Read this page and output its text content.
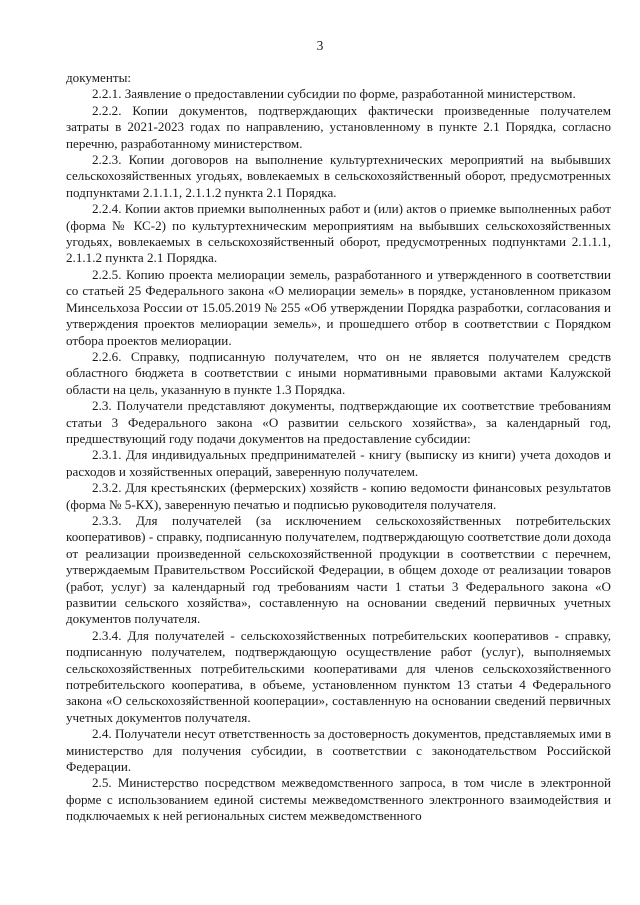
3

документы:

2.2.1. Заявление о предоставлении субсидии по форме, разработанной министерством.

2.2.2. Копии документов, подтверждающих фактически произведенные получателем затраты в 2021-2023 годах по направлению, установленному в пункте 2.1 Порядка, согласно перечню, разработанному министерством.

2.2.3. Копии договоров на выполнение культуртехнических мероприятий на выбывших сельскохозяйственных угодьях, вовлекаемых в сельскохозяйственный оборот, предусмотренных подпунктами 2.1.1.1, 2.1.1.2 пункта 2.1 Порядка.

2.2.4. Копии актов приемки выполненных работ и (или) актов о приемке выполненных работ (форма № КС-2) по культуртехническим мероприятиям на выбывших сельскохозяйственных угодьях, вовлекаемых в сельскохозяйственный оборот, предусмотренных подпунктами 2.1.1.1, 2.1.1.2 пункта 2.1 Порядка.

2.2.5. Копию проекта мелиорации земель, разработанного и утвержденного в соответствии со статьей 25 Федерального закона «О мелиорации земель» в порядке, установленном приказом Минсельхоза России от 15.05.2019 № 255 «Об утверждении Порядка разработки, согласования и утверждения проектов мелиорации земель», и прошедшего отбор в соответствии с Порядком отбора проектов мелиорации.

2.2.6. Справку, подписанную получателем, что он не является получателем средств областного бюджета в соответствии с иными нормативными правовыми актами Калужской области на цель, указанную в пункте 1.3 Порядка.

2.3. Получатели представляют документы, подтверждающие их соответствие требованиям статьи 3 Федерального закона «О развитии сельского хозяйства», за календарный год, предшествующий году подачи документов на предоставление субсидии:

2.3.1. Для индивидуальных предпринимателей - книгу (выписку из книги) учета доходов и расходов и хозяйственных операций, заверенную получателем.

2.3.2. Для крестьянских (фермерских) хозяйств - копию ведомости финансовых результатов (форма № 5-КХ), заверенную печатью и подписью руководителя получателя.

2.3.3. Для получателей (за исключением сельскохозяйственных потребительских кооперативов) - справку, подписанную получателем, подтверждающую соответствие доли дохода от реализации произведенной сельскохозяйственной продукции в соответствии с перечнем, утверждаемым Правительством Российской Федерации, в общем доходе от реализации товаров (работ, услуг) за календарный год требованиям части 1 статьи 3 Федерального закона «О развитии сельского хозяйства», составленную на основании сведений первичных учетных документов получателя.

2.3.4. Для получателей - сельскохозяйственных потребительских кооперативов - справку, подписанную получателем, подтверждающую осуществление работ (услуг), выполняемых сельскохозяйственных потребительскими кооперативами для членов сельскохозяйственного потребительского кооператива, в объеме, установленном пунктом 13 статьи 4 Федерального закона «О сельскохозяйственной кооперации», составленную на основании сведений первичных учетных документов получателя.

2.4. Получатели несут ответственность за достоверность документов, представляемых ими в министерство для получения субсидии, в соответствии с законодательством Российской Федерации.

2.5. Министерство посредством межведомственного запроса, в том числе в электронной форме с использованием единой системы межведомственного электронного взаимодействия и подключаемых к ней региональных систем межведомственного
